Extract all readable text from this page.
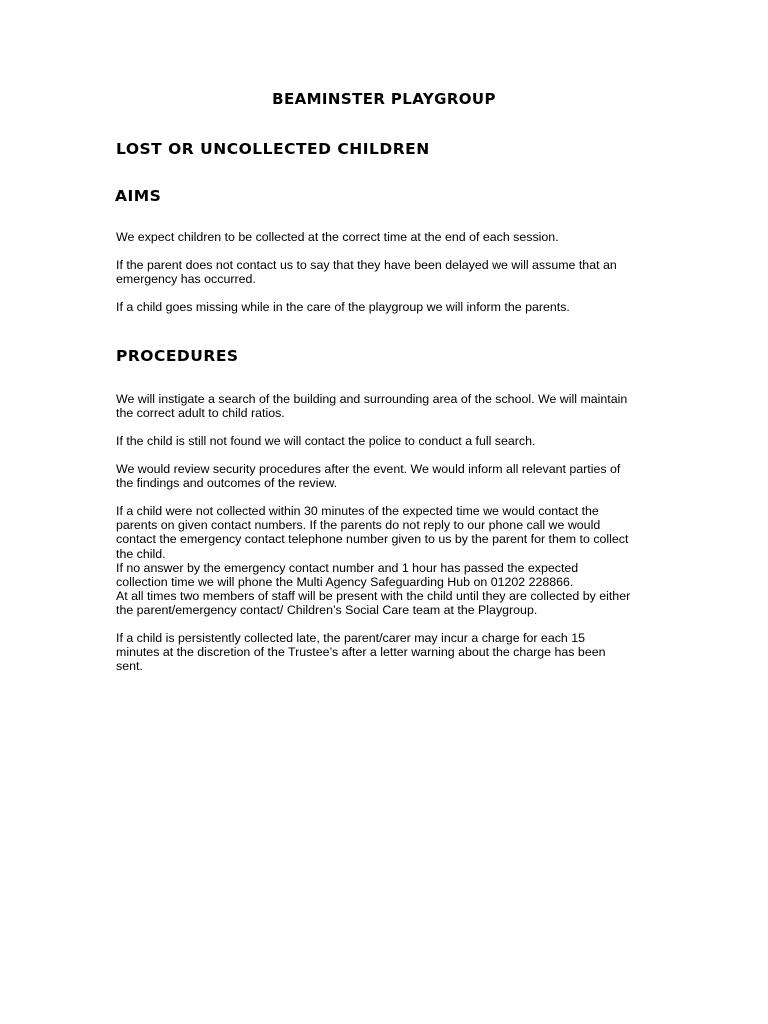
BEAMINSTER PLAYGROUP
LOST OR UNCOLLECTED CHILDREN
AIMS

We expect children to be collected at the correct time at the end of each session.

If the parent does not contact us to say that they have been delayed we will assume that an
emergency has occurred.

If a child goes missing while in the care of the playgroup we will inform the parents.

PROCEDURES

We will instigate a search of the building and surrounding area of the school. We will maintain
the correct adult to child ratios.

If the child is still not found we will contact the police to conduct a full search.

We would review security procedures after the event. We would inform all relevant parties of
the findings and outcomes of the review.

If a child were not collected within 30 minutes of the expected time we would contact the
parents on given contact numbers. If the parents do not reply to our phone call we would
contact the emergency contact telephone number given to us by the parent for them to collect
the child.
If no answer by the emergency contact number and 1 hour has passed the expected
collection time we will phone the Multi Agency Safeguarding Hub on 01202 228866.
At all times two members of staff will be present with the child until they are collected by either
the parent/emergency contact/ Children’s Social Care team at the Playgroup.

If a child is persistently collected late, the parent/carer may incur a charge for each 15
minutes at the discretion of the Trustee’s after a letter warning about the charge has been
sent.
